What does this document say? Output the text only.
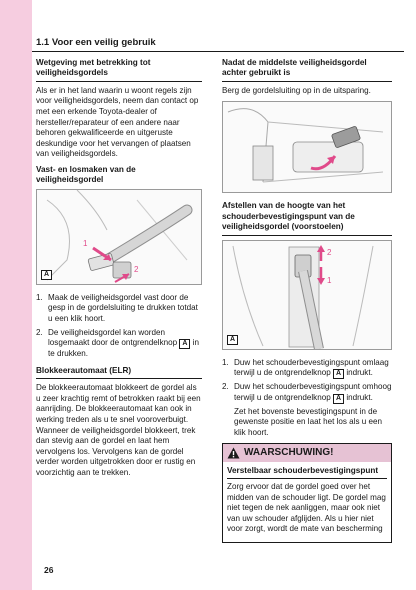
1.1 Voor een veilig gebruik
Wetgeving met betrekking tot veiligheidsgordels

Als er in het land waarin u woont regels zijn voor veiligheidsgordels, neem dan contact op met een erkende Toyota-dealer of hersteller/reparateur of een andere naar behoren gekwalificeerde en uitgeruste deskundige voor het vervangen of plaatsen van veiligheidsgordels.

Vast- en losmaken van de veiligheidsgordel
1
2
A
1. Maak de veiligheidsgordel vast door de gesp in de gordelsluiting te drukken totdat u een klik hoort.
2. De veiligheidsgordel kan worden losgemaakt door de ontgrendelknop A in te drukken.
Blokkeerautomaat (ELR)

De blokkeerautomaat blokkeert de gordel als u zeer krachtig remt of betrokken raakt bij een aanrijding. De blokkeerautomaat kan ook in werking treden als u te snel vooroverbuigt. Wanneer de veiligheidsgordel blokkeert, trek dan stevig aan de gordel en laat hem vervolgens los. Vervolgens kan de gordel verder worden uitgetrokken door er rustig en voorzichtig aan te trekken.

Nadat de middelste veiligheidsgordel achter gebruikt is

Berg de gordelsluiting op in de uitsparing.

Afstellen van de hoogte van het schouderbevestigingspunt van de veiligheidsgordel (voorstoelen)
2
1
A
1. Duw het schouderbevestigingspunt omlaag terwijl u de ontgrendelknop A indrukt.
2. Duw het schouderbevestigingspunt omhoog terwijl u de ontgrendelknop A indrukt.
Zet het bovenste bevestigingspunt in de gewenste positie en laat het los als u een klik hoort.
WAARSCHUWING!
Verstelbaar schouderbevestigingspunt

Zorg ervoor dat de gordel goed over het midden van de schouder ligt. De gordel mag niet tegen de nek aanliggen, maar ook niet van uw schouder afglijden. Als u hier niet voor zorgt, wordt de mate van bescherming

26
